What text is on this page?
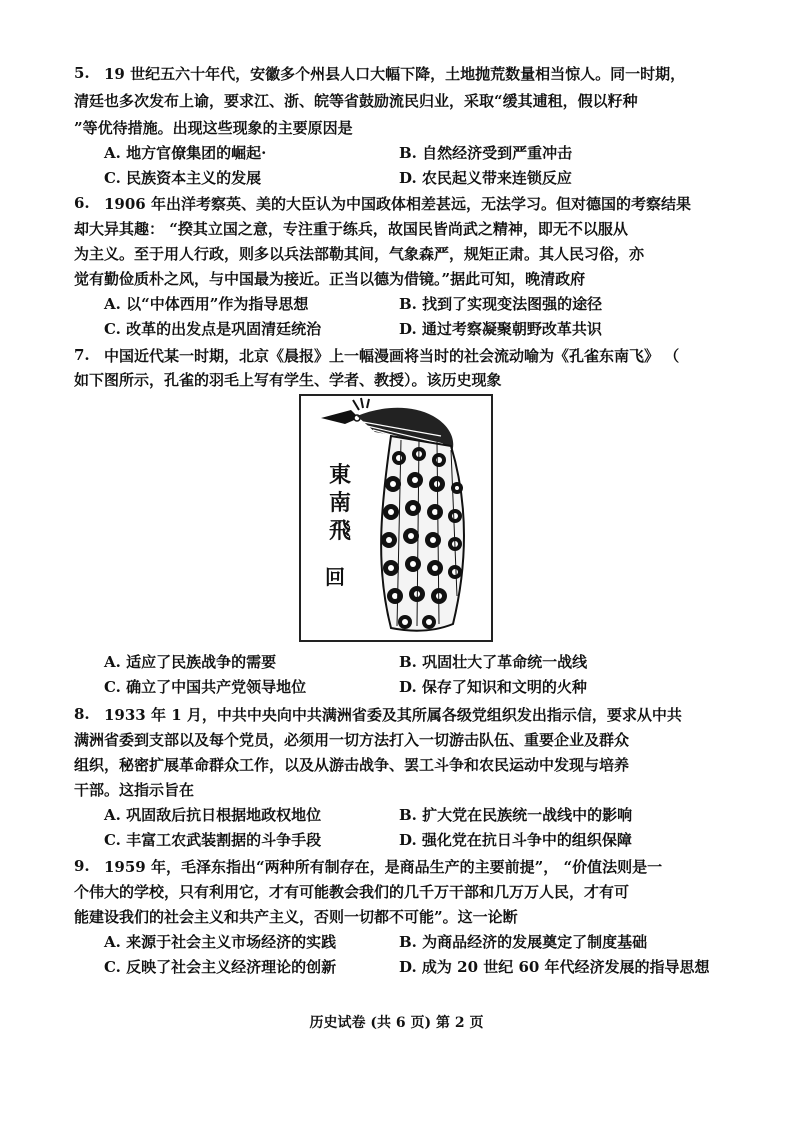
5. 19 世纪五六十年代，安徽多个州县人口大幅下降，土地抛荒数量相当惊人。同一时期，
清廷也多次发布上谕，要求江、浙、皖等省鼓励流民归业，采取“缓其逋租，假以籽种
”等优待措施。出现这些现象的主要原因是
A. 地方官僚集团的崛起·	B. 自然经济受到严重冲击
C. 民族资本主义的发展	D. 农民起义带来连锁反应
6. 1906 年出洋考察英、美的大臣认为中国政体相差甚远，无法学习。但对德国的考察结果
却大异其趣： “揆其立国之意，专注重于练兵，故国民皆尚武之精神，即无不以服从
为主义。至于用人行政，则多以兵法部勒其间，气象森严，规矩正肃。其人民习俗，亦
觉有勤俭质朴之风，与中国最为接近。正当以德为借镜。”据此可知，晚清政府
A. 以“中体西用”作为指导思想	B. 找到了实现变法图强的途径
C. 改革的出发点是巩固清廷统治	D. 通过考察凝聚朝野改革共识
7. 中国近代某一时期，北京《晨报》上一幅漫画将当时的社会流动喻为《孔雀东南飞》 （
如下图所示，孔雀的羽毛上写有学生、学者、教授）。该历史现象
東
南
飛
回
A. 适应了民族战争的需要	B. 巩固壮大了革命统一战线
C. 确立了中国共产党领导地位	D. 保存了知识和文明的火种
8. 1933 年 1 月，中共中央向中共满洲省委及其所属各级党组织发出指示信，要求从中共
满洲省委到支部以及每个党员，必须用一切方法打入一切游击队伍、重要企业及群众
组织，秘密扩展革命群众工作，以及从游击战争、罢工斗争和农民运动中发现与培养
干部。这指示旨在
A. 巩固敌后抗日根据地政权地位	B. 扩大党在民族统一战线中的影响
C. 丰富工农武装割据的斗争手段	D. 强化党在抗日斗争中的组织保障
9. 1959 年，毛泽东指出“两种所有制存在，是商品生产的主要前提”， “价值法则是一
个伟大的学校，只有利用它，才有可能教会我们的几千万干部和几万万人民，才有可
能建设我们的社会主义和共产主义，否则一切都不可能”。这一论断
A. 来源于社会主义市场经济的实践	B. 为商品经济的发展奠定了制度基础
C. 反映了社会主义经济理论的创新	D. 成为 20 世纪 60 年代经济发展的指导思想
历史试卷 (共 6 页) 第 2 页
